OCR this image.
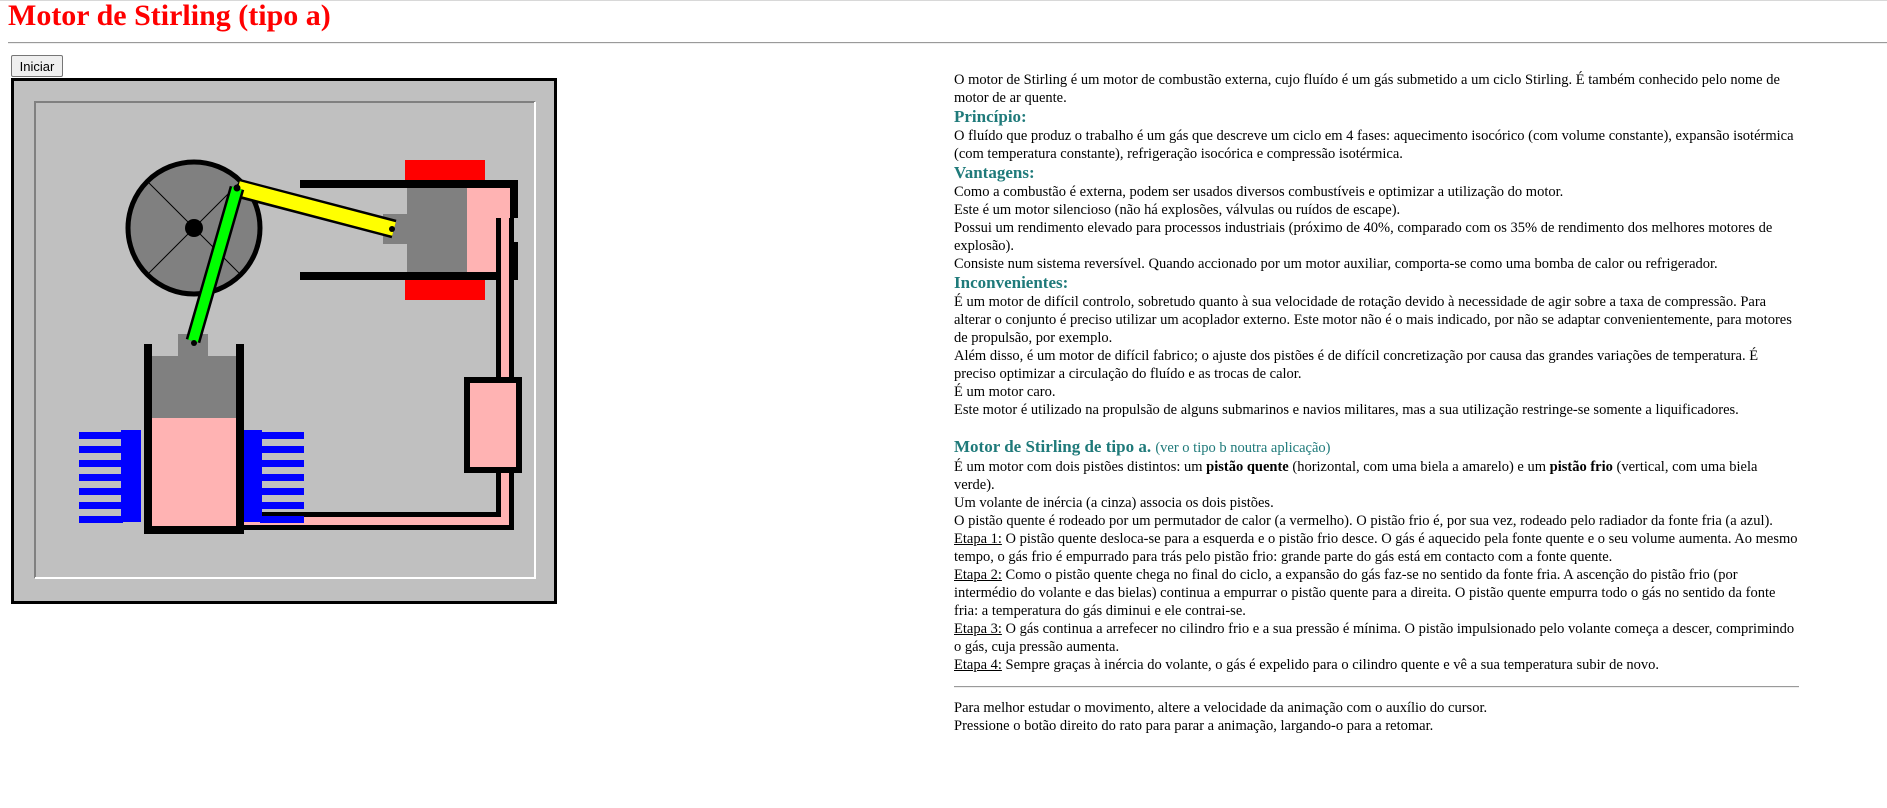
Motor de Stirling (tipo a)
Iniciar

O motor de Stirling é um motor de combustão externa, cujo fluído é um gás submetido a um ciclo Stirling. É também conhecido pelo nome de motor de ar quente.

Princípio:

O fluído que produz o trabalho é um gás que descreve um ciclo em 4 fases: aquecimento isocórico (com volume constante), expansão isotérmica (com temperatura constante), refrigeração isocórica e compressão isotérmica.

Vantagens:

Como a combustão é externa, podem ser usados diversos combustíveis e optimizar a utilização do motor.

Este é um motor silencioso (não há explosões, válvulas ou ruídos de escape).

Possui um rendimento elevado para processos industriais (próximo de 40%, comparado com os 35% de rendimento dos melhores motores de explosão).

Consiste num sistema reversível. Quando accionado por um motor auxiliar, comporta-se como uma bomba de calor ou refrigerador.

Inconvenientes:

É um motor de difícil controlo, sobretudo quanto à sua velocidade de rotação devido à necessidade de agir sobre a taxa de compressão. Para alterar o conjunto é preciso utilizar um acoplador externo. Este motor não é o mais indicado, por não se adaptar convenientemente, para motores de propulsão, por exemplo.

Além disso, é um motor de difícil fabrico; o ajuste dos pistões é de difícil concretização por causa das grandes variações de temperatura. É preciso optimizar a circulação do fluído e as trocas de calor.

É um motor caro.

Este motor é utilizado na propulsão de alguns submarinos e navios militares, mas a sua utilização restringe-se somente a liquificadores.

Motor de Stirling de tipo a. (ver o tipo b noutra aplicação)

É um motor com dois pistões distintos: um pistão quente (horizontal, com uma biela a amarelo) e um pistão frio (vertical, com uma biela verde).

Um volante de inércia (a cinza) associa os dois pistões.

O pistão quente é rodeado por um permutador de calor (a vermelho). O pistão frio é, por sua vez, rodeado pelo radiador da fonte fria (a azul).

Etapa 1: O pistão quente desloca-se para a esquerda e o pistão frio desce. O gás é aquecido pela fonte quente e o seu volume aumenta. Ao mesmo tempo, o gás frio é empurrado para trás pelo pistão frio: grande parte do gás está em contacto com a fonte quente.

Etapa 2: Como o pistão quente chega no final do ciclo, a expansão do gás faz-se no sentido da fonte fria. A ascenção do pistão frio (por intermédio do volante e das bielas) continua a empurrar o pistão quente para a direita. O pistão quente empurra todo o gás no sentido da fonte fria: a temperatura do gás diminui e ele contrai-se.

Etapa 3: O gás continua a arrefecer no cilindro frio e a sua pressão é mínima. O pistão impulsionado pelo volante começa a descer, comprimindo o gás, cuja pressão aumenta.

Etapa 4: Sempre graças à inércia do volante, o gás é expelido para o cilindro quente e vê a sua temperatura subir de novo.

Para melhor estudar o movimento, altere a velocidade da animação com o auxílio do cursor.

Pressione o botão direito do rato para parar a animação, largando-o para a retomar.
